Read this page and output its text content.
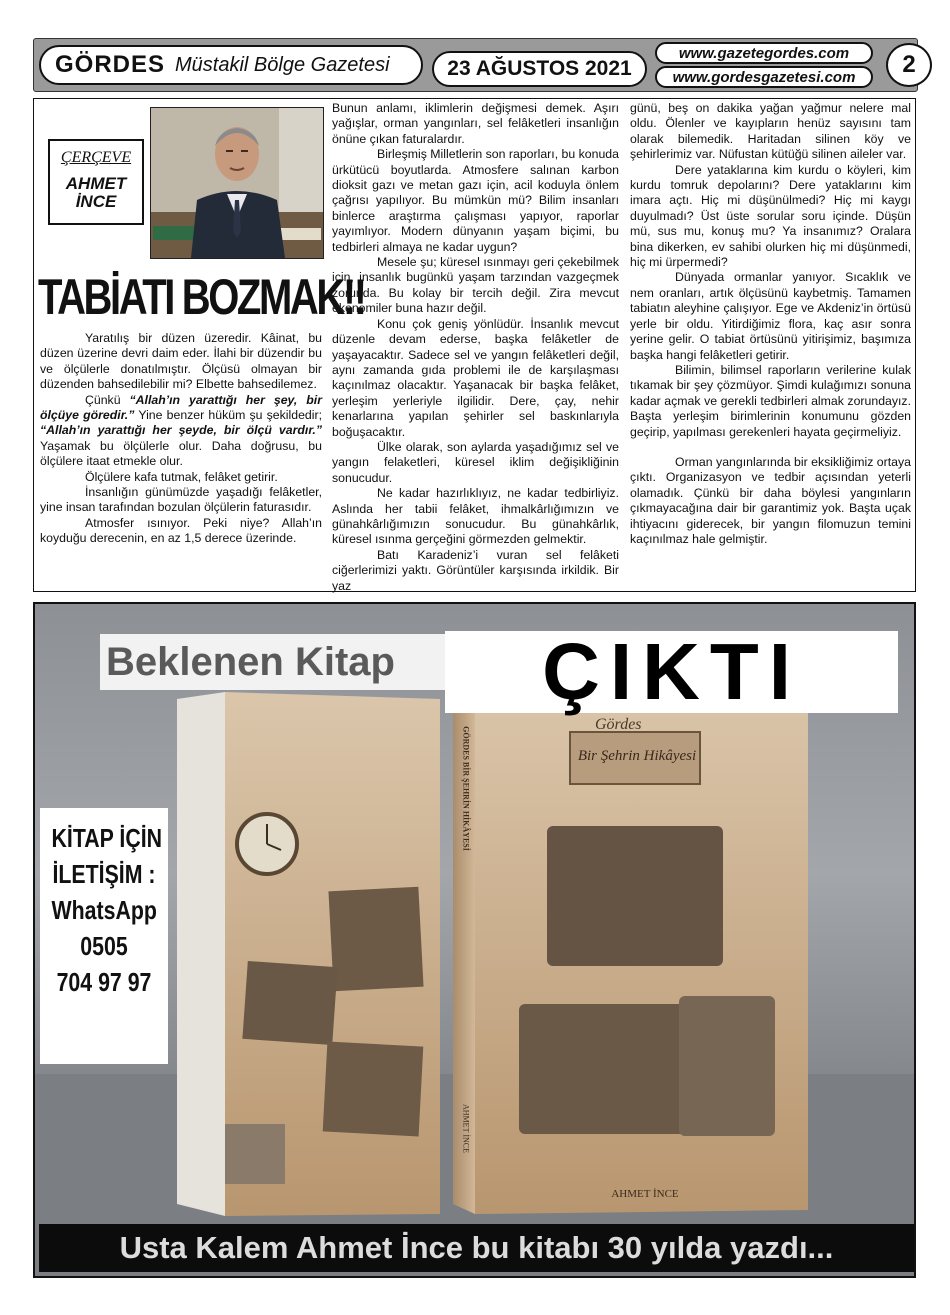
GÖRDES Müstakil Bölge Gazetesi	23 AĞUSTOS 2021
www.gazetegordes.com
www.gordesgazetesi.com	2
ÇERÇEVE
AHMET
İNCE
TABİATI BOZMAK!!

Yaratılış bir düzen üzeredir. Kâinat, bu düzen üzerine devri daim eder. İlahi bir düzendir bu ve ölçülerle donatılmıştır. Ölçüsü olmayan bir düzenden bahsedilebilir mi? Elbette bahsedilemez.

Çünkü “Allah’ın yarattığı her şey, bir ölçüye göredir.” Yine benzer hüküm şu şekildedir; “Allah’ın yarattığı her şeyde, bir ölçü vardır.” Yaşamak bu ölçülerle olur. Daha doğrusu, bu ölçülere itaat etmekle olur.

Ölçülere kafa tutmak, felâket getirir.

İnsanlığın günümüzde yaşadığı felâketler, yine insan tarafından bozulan ölçülerin faturasıdır.

Atmosfer ısınıyor. Peki niye? Allah’ın koyduğu derecenin, en az 1,5 derece üzerinde.

Bunun anlamı, iklimlerin değişmesi demek. Aşırı yağışlar, orman yangınları, sel felâketleri insanlığın önüne çıkan faturalardır.

Birleşmiş Milletlerin son raporları, bu konuda ürkütücü boyutlarda. Atmosfere salınan karbon dioksit gazı ve metan gazı için, acil koduyla önlem çağrısı yapılıyor. Bu mümkün mü? Bilim insanları binlerce araştırma çalışması yapıyor, raporlar yayımlıyor. Modern dünyanın yaşam biçimi, bu tedbirleri almaya ne kadar uygun?

Mesele şu; küresel ısınmayı geri çekebilmek için, insanlık bugünkü yaşam tarzından vazgeçmek zorunda. Bu kolay bir tercih değil. Zira mevcut ekonomiler buna hazır değil.

Konu çok geniş yönlüdür. İnsanlık mevcut düzenle devam ederse, başka felâketler de yaşayacaktır. Sadece sel ve yangın felâketleri değil, aynı zamanda gıda problemi ile de karşılaşması kaçınılmaz olacaktır. Yaşanacak bir başka felâket, yerleşim yerleriyle ilgilidir. Dere, çay, nehir kenarlarına yapılan şehirler sel baskınlarıyla boğuşacaktır.

Ülke olarak, son aylarda yaşadığımız sel ve yangın felaketleri, küresel iklim değişikliğinin sonucudur.

Ne kadar hazırlıklıyız, ne kadar tedbirliyiz. Aslında her tabii felâket, ihmalkârlığımızın ve günahkârlığımızın sonucudur. Bu günahkârlık, küresel ısınma gerçeğini görmezden gelmektir.

Batı Karadeniz’i vuran sel felâketi ciğerlerimizi yaktı. Görüntüler karşısında irkildik. Bir yaz

günü, beş on dakika yağan yağmur nelere mal oldu. Ölenler ve kayıpların henüz sayısını tam olarak bilemedik. Haritadan silinen köy ve şehirlerimiz var. Nüfustan kütüğü silinen aileler var.

Dere yataklarına kim kurdu o köyleri, kim kurdu tomruk depolarını? Dere yataklarını kim imara açtı. Hiç mi düşünülmedi? Hiç mi kaygı duyulmadı? Üst üste sorular soru içinde. Düşün mü, sus mu, konuş mu? Ya insanımız? Oralara bina dikerken, ev sahibi olurken hiç mi düşünmedi, hiç mi ürpermedi?

Dünyada ormanlar yanıyor. Sıcaklık ve nem oranları, artık ölçüsünü kaybetmiş. Tamamen tabiatın aleyhine çalışıyor. Ege ve Akdeniz’in örtüsü yerle bir oldu. Yitirdiğimiz flora, kaç asır sonra yerine gelir. O tabiat örtüsünü yitirişimiz, başımıza başka hangi felâketleri getirir.

Bilimin, bilimsel raporların verilerine kulak tıkamak bir şey çözmüyor. Şimdi kulağımızı sonuna kadar açmak ve gerekli tedbirleri almak zorundayız. Başta yerleşim birimlerinin konumunu gözden geçirip, yapılması gerekenleri hayata geçirmeliyiz.

Orman yangınlarında bir eksikliğimiz ortaya çıktı. Organizasyon ve tedbir açısından yeterli olamadık. Çünkü bir daha böylesi yangınların çıkmayacağına dair bir garantimiz yok. Başta uçak ihtiyacını giderecek, bir yangın filomuzun temini kaçınılmaz hale gelmiştir.

Beklenen Kitap	ÇIKTI
Gördes
Bir Şehrin Hikâyesi
GÖRDES BİR ŞEHRİN HİKÂYESİ
AHMET İNCE
AHMET İNCE
KİTAP İÇİN
İLETİŞİM :
WhatsApp
0505
704 97 97
Usta Kalem Ahmet İnce bu kitabı 30 yılda yazdı...
